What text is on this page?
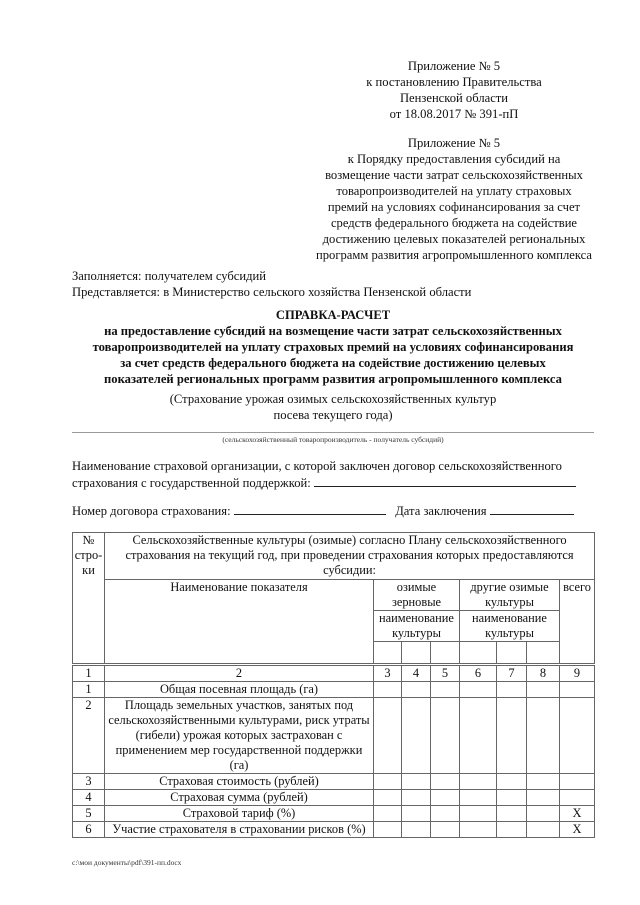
Приложение № 5
к постановлению Правительства
Пензенской области
от 18.08.2017 № 391-пП
Приложение № 5
к Порядку предоставления субсидий на
возмещение части затрат сельскохозяйственных
товаропроизводителей на уплату страховых
премий на условиях софинансирования за счет
средств федерального бюджета на содействие
достижению целевых показателей региональных
программ развития агропромышленного комплекса
Заполняется: получателем субсидий
Представляется: в Министерство сельского хозяйства Пензенской области
СПРАВКА-РАСЧЕТ
на предоставление субсидий на возмещение части затрат сельскохозяйственных
товаропроизводителей на уплату страховых премий на условиях софинансирования
за счет средств федерального бюджета на содействие достижению целевых
показателей региональных программ развития агропромышленного комплекса
(Страхование урожая озимых сельскохозяйственных культур
посева текущего года)
(сельскохозяйственный товаропроизводитель - получатель субсидий)
Наименование страховой организации, с которой заключен договор сельскохозяйственного
страхования с государственной поддержкой:
Номер договора страхования:	Дата заключения
№ стро-ки	Сельскохозяйственные культуры (озимые) согласно Плану сельскохозяйственного страхования на текущий год, при проведении страхования которых предоставляются субсидии:							
	Наименование показателя	озимые зерновые			другие озимые культуры			всего
		наименование культуры			наименование культуры			

1	2	3	4	5	6	7	8	9
1	Общая посевная площадь (га)							
2	Площадь земельных участков, занятых под сельскохозяйственными культурами, риск утраты (гибели) урожая которых застрахован с применением мер государственной поддержки (га)							
3	Страховая стоимость (рублей)							
4	Страховая сумма (рублей)							
5	Страховой тариф (%)							X
6	Участие страхователя в страховании рисков (%)							X
c:\мои документы\pdf\391-пп.docx
